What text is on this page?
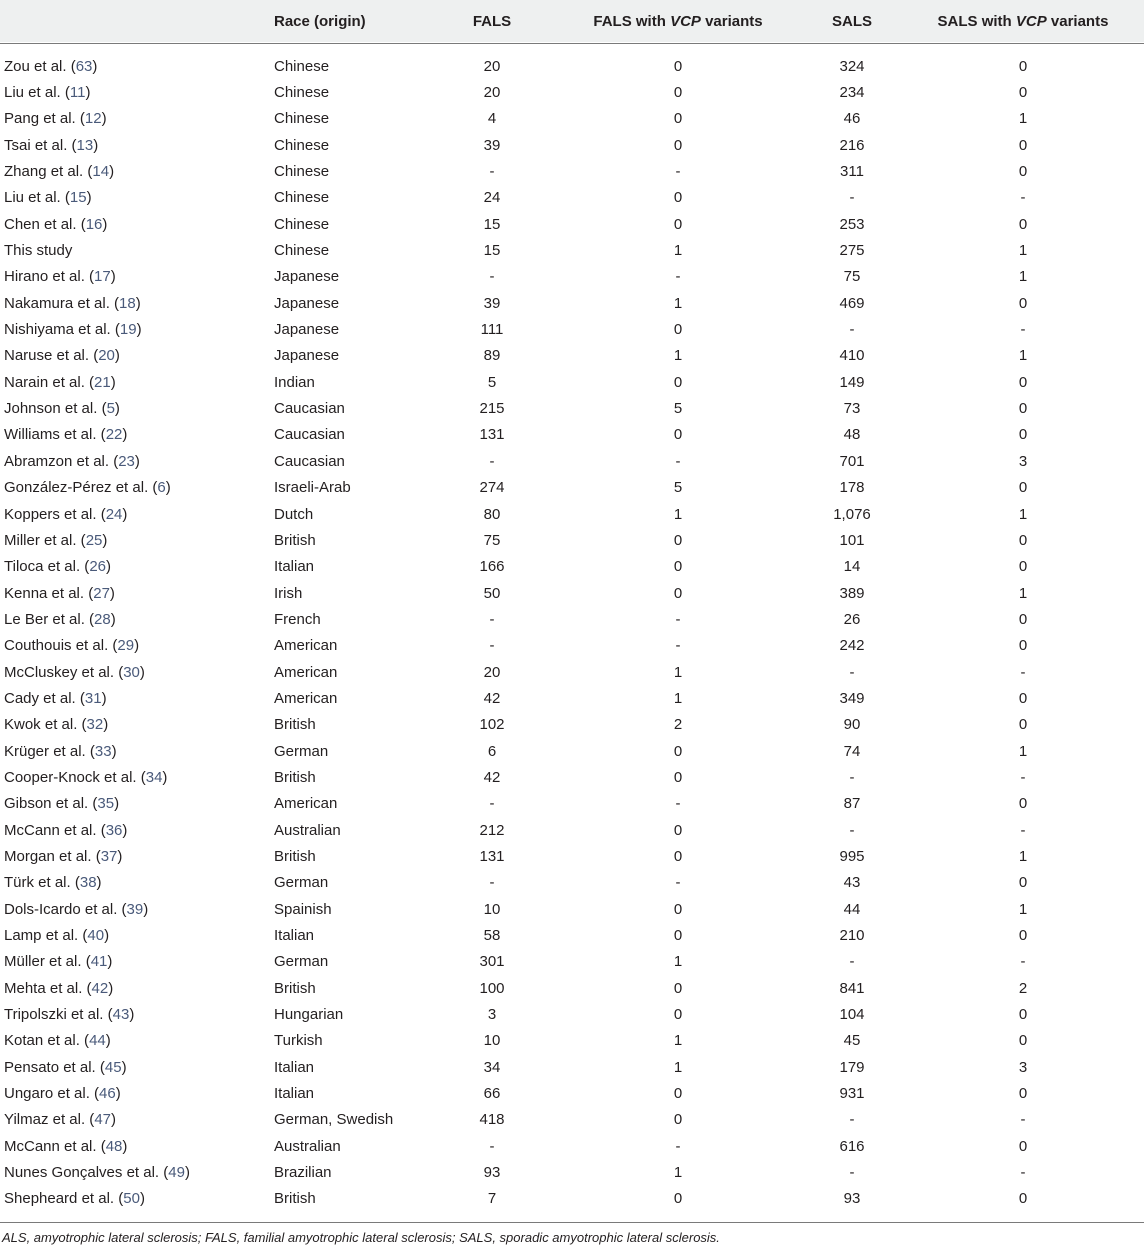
	Race (origin)	FALS	FALS with VCP variants	SALS	SALS with VCP variants
Zou et al. (63)	Chinese	20	0	324	0
Liu et al. (11)	Chinese	20	0	234	0
Pang et al. (12)	Chinese	4	0	46	1
Tsai et al. (13)	Chinese	39	0	216	0
Zhang et al. (14)	Chinese	-	-	311	0
Liu et al. (15)	Chinese	24	0	-	-
Chen et al. (16)	Chinese	15	0	253	0
This study	Chinese	15	1	275	1
Hirano et al. (17)	Japanese	-	-	75	1
Nakamura et al. (18)	Japanese	39	1	469	0
Nishiyama et al. (19)	Japanese	111	0	-	-
Naruse et al. (20)	Japanese	89	1	410	1
Narain et al. (21)	Indian	5	0	149	0
Johnson et al. (5)	Caucasian	215	5	73	0
Williams et al. (22)	Caucasian	131	0	48	0
Abramzon et al. (23)	Caucasian	-	-	701	3
González-Pérez et al. (6)	Israeli-Arab	274	5	178	0
Koppers et al. (24)	Dutch	80	1	1,076	1
Miller et al. (25)	British	75	0	101	0
Tiloca et al. (26)	Italian	166	0	14	0
Kenna et al. (27)	Irish	50	0	389	1
Le Ber et al. (28)	French	-	-	26	0
Couthouis et al. (29)	American	-	-	242	0
McCluskey et al. (30)	American	20	1	-	-
Cady et al. (31)	American	42	1	349	0
Kwok et al. (32)	British	102	2	90	0
Krüger et al. (33)	German	6	0	74	1
Cooper-Knock et al. (34)	British	42	0	-	-
Gibson et al. (35)	American	-	-	87	0
McCann et al. (36)	Australian	212	0	-	-
Morgan et al. (37)	British	131	0	995	1
Türk et al. (38)	German	-	-	43	0
Dols-Icardo et al. (39)	Spainish	10	0	44	1
Lamp et al. (40)	Italian	58	0	210	0
Müller et al. (41)	German	301	1	-	-
Mehta et al. (42)	British	100	0	841	2
Tripolszki et al. (43)	Hungarian	3	0	104	0
Kotan et al. (44)	Turkish	10	1	45	0
Pensato et al. (45)	Italian	34	1	179	3
Ungaro et al. (46)	Italian	66	0	931	0
Yilmaz et al. (47)	German, Swedish	418	0	-	-
McCann et al. (48)	Australian	-	-	616	0
Nunes Gonçalves et al. (49)	Brazilian	93	1	-	-
Shepheard et al. (50)	British	7	0	93	0
ALS, amyotrophic lateral sclerosis; FALS, familial amyotrophic lateral sclerosis; SALS, sporadic amyotrophic lateral sclerosis.
